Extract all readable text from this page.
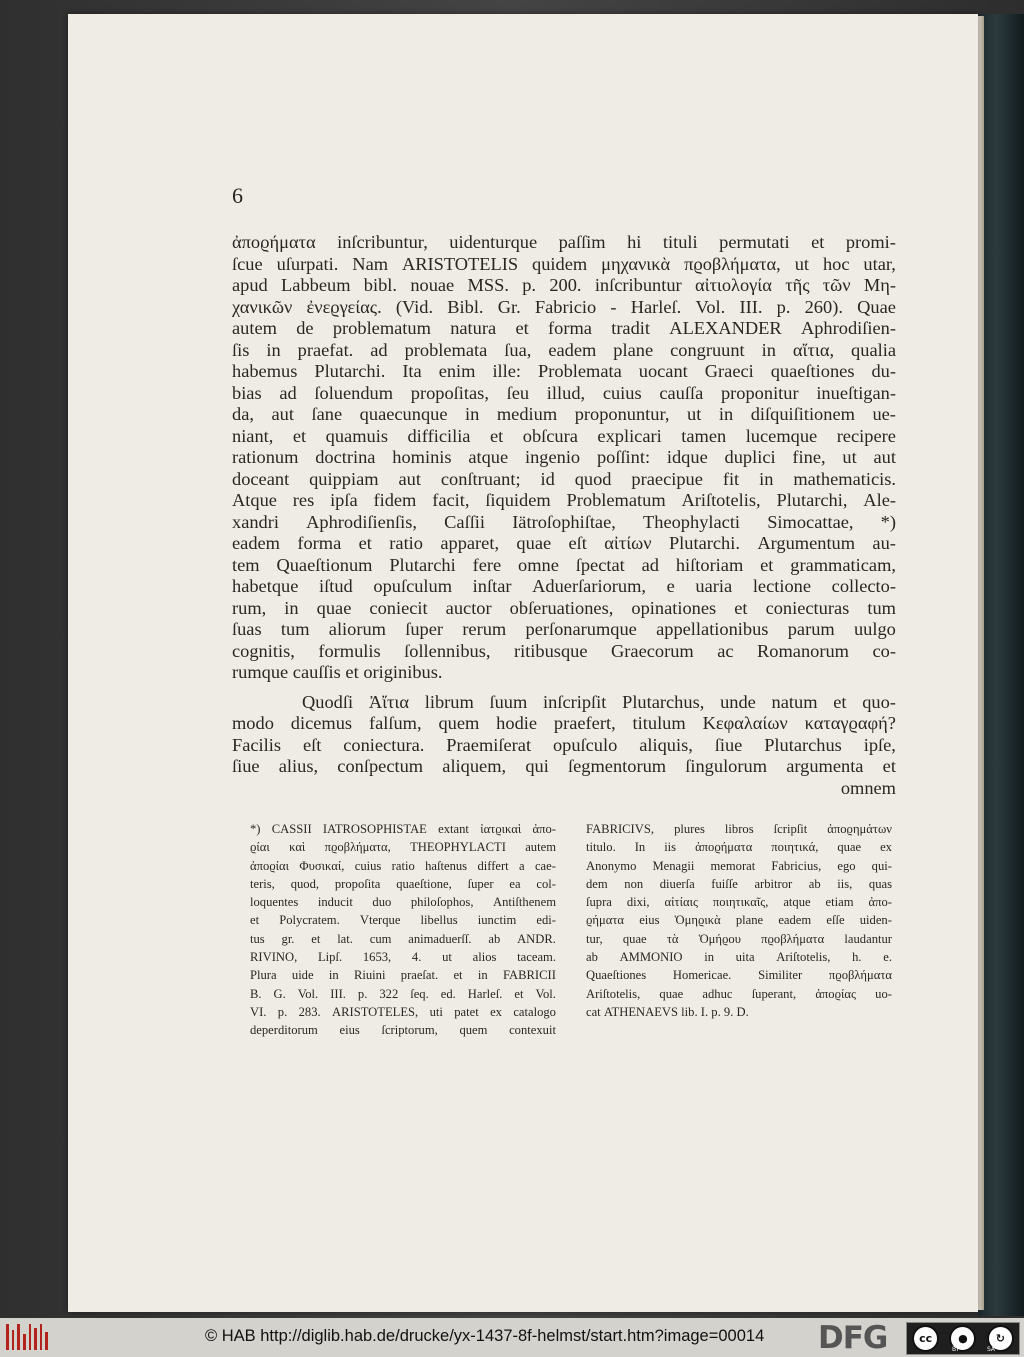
6
ἀποϱήματα inſcribuntur, uidenturque paſſim hi tituli permutati et promi-
ſcue uſurpati. Nam ARISTOTELIS quidem μηχανικὰ πϱοβλήματα, ut hoc utar,
apud Labbeum bibl. nouae MSS. p. 200. inſcribuntur αἰτιολογία τῆς τῶν Μη-
χανικῶν ἐνεϱγείας. (Vid. Bibl. Gr. Fabricio - Harleſ. Vol. III. p. 260). Quae
autem de problematum natura et forma tradit ALEXANDER Aphrodiſien-
ſis in praefat. ad problemata ſua, eadem plane congruunt in αἴτια, qualia
habemus Plutarchi. Ita enim ille: Problemata uocant Graeci quaeſtiones du-
bias ad ſoluendum propoſitas, ſeu illud, cuius cauſſa proponitur inueſtigan-
da, aut ſane quaecunque in medium proponuntur, ut in diſquiſitionem ue-
niant, et quamuis difficilia et obſcura explicari tamen lucemque recipere
rationum doctrina hominis atque ingenio poſſint: idque duplici fine, ut aut
doceant quippiam aut conſtruant; id quod praecipue fit in mathematicis.
Atque res ipſa fidem facit, ſiquidem Problematum Ariſtotelis, Plutarchi, Ale-
xandri Aphrodiſienſis, Caſſii Iätroſophiſtae, Theophylacti Simocattae, *)
eadem forma et ratio apparet, quae eſt αἰτίων Plutarchi. Argumentum au-
tem Quaeſtionum Plutarchi fere omne ſpectat ad hiſtoriam et grammaticam,
habetque iſtud opuſculum inſtar Aduerſariorum, e uaria lectione collecto-
rum, in quae coniecit auctor obſeruationes, opinationes et coniecturas tum
ſuas tum aliorum ſuper rerum perſonarumque appellationibus parum uulgo
cognitis, formulis ſollennibus, ritibusque Graecorum ac Romanorum co-
rumque
cauſſis
et
originibus.

Quodſi Ἀἴτια librum ſuum inſcripſit Plutarchus, unde natum et quo-
modo dicemus falſum, quem hodie praefert, titulum Κεφαλαίων καταγϱαφή?
Facilis eſt coniectura. Praemiſerat opuſculo aliquis, ſiue Plutarchus ipſe,
ſiue alius, conſpectum aliquem, qui ſegmentorum ſingulorum argumenta et
omnem
*) CASSII IATROSOPHISTAE extant ἰατϱικαὶ ἀπο-
ϱίαι καὶ πϱοβλήματα, THEOPHYLACTI autem
ἀποϱίαι Φυσικαί, cuius ratio haſtenus differt a cae-
teris, quod, propoſita quaeſtione, ſuper ea col-
loquentes inducit duo philoſophos, Antiſthenem
et Polycratem. Vterque libellus iunctim edi-
tus gr. et lat. cum animaduerſſ. ab ANDR.
RIVINO, Lipſ. 1653, 4. ut alios taceam.
Plura uide in Riuini praeſat. et in FABRICII
B. G. Vol. III. p. 322 ſeq. ed. Harleſ. et Vol.
VI. p. 283. ARISTOTELES, uti patet ex catalogo
deperditorum eius ſcriptorum, quem contexuit
FABRICIVS, plures libros ſcripſit ἀποϱημάτων
titulo. In iis ἀποϱήματα ποιητικά, quae ex
Anonymo Menagii memorat Fabricius, ego qui-
dem non diuerſa fuiſſe arbitror ab iis, quas
ſupra dixi, αἰτίαις ποιητικαῖς, atque etiam ἀπο-
ϱήματα eius Ὁμηϱικὰ plane eadem eſſe uiden-
tur, quae τὰ Ὁμήϱου πϱοβλήματα laudantur
ab AMMONIO in uita Ariſtotelis, h. e.
Quaeſtiones Homericae. Similiter πϱοβλήματα
Ariſtotelis, quae adhuc ſuperant, ἀποϱίας uo-
cat
ATHENAEVS
lib.
I.
p.
9.
D.

© HAB http://diglib.hab.de/drucke/yx-1437-8f-helmst/start.htm?image=00014 DFG	cc	●	↻
BY	SA
